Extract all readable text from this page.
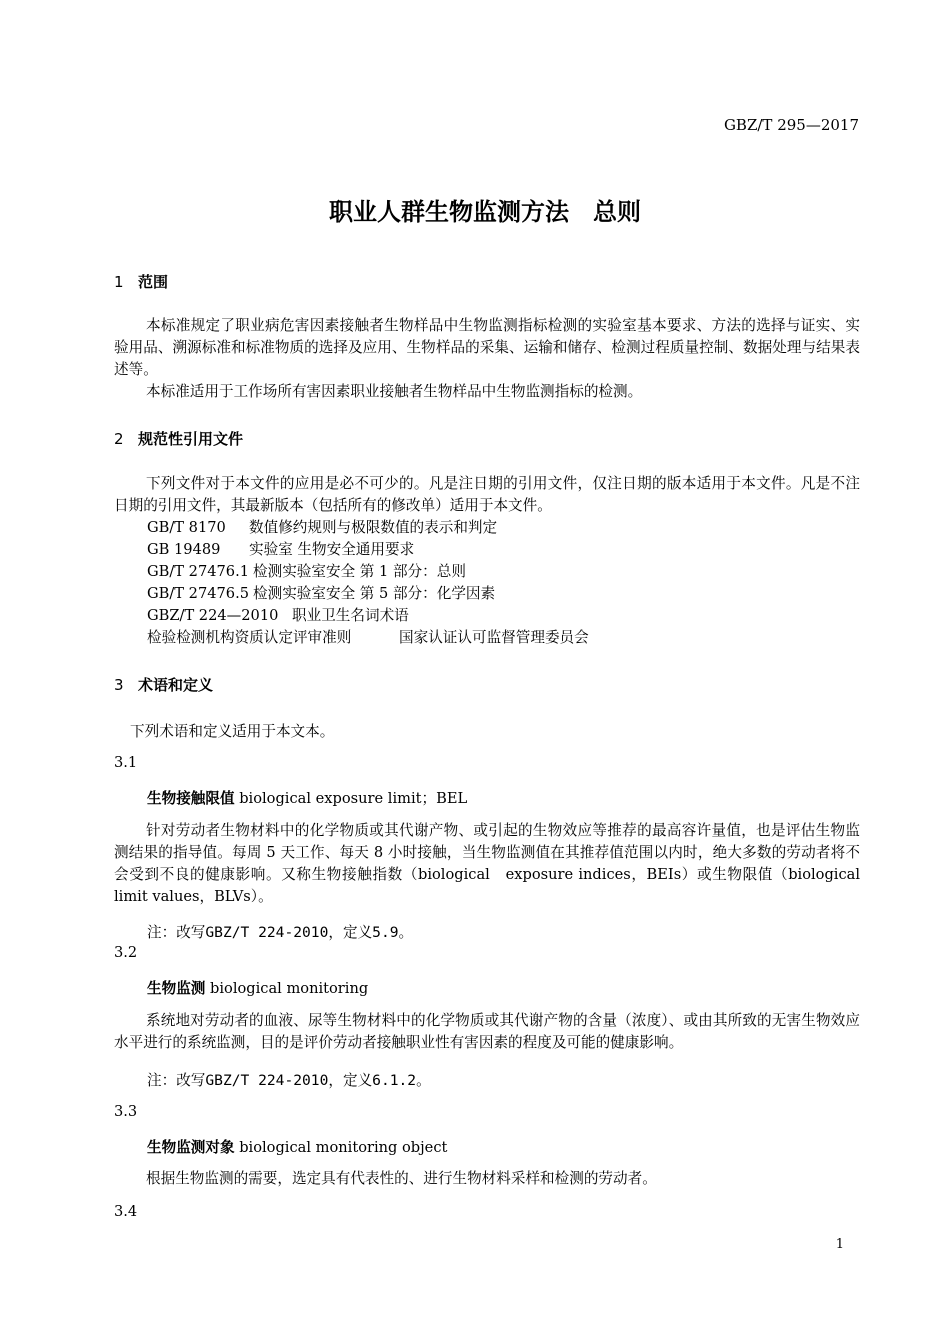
GBZ/T 295—2017
职业人群生物监测方法　总则
1 范围
本标准规定了职业病危害因素接触者生物样品中生物监测指标检测的实验室基本要求、方法的选择与证实、实验用品、溯源标准和标准物质的选择及应用、生物样品的采集、运输和储存、检测过程质量控制、数据处理与结果表述等。
本标准适用于工作场所有害因素职业接触者生物样品中生物监测指标的检测。
2 规范性引用文件
下列文件对于本文件的应用是必不可少的。凡是注日期的引用文件，仅注日期的版本适用于本文件。凡是不注日期的引用文件，其最新版本（包括所有的修改单）适用于本文件。
GB/T 8170 数值修约规则与极限数值的表示和判定
GB 19489 实验室 生物安全通用要求
GB/T 27476.1 检测实验室安全 第 1 部分：总则
GB/T 27476.5 检测实验室安全 第 5 部分：化学因素
GBZ/T 224—2010 职业卫生名词术语
检验检测机构资质认定评审准则	国家认证认可监督管理委员会
3 术语和定义
下列术语和定义适用于本文本。
3.1
生物接触限值 biological exposure limit；BEL
针对劳动者生物材料中的化学物质或其代谢产物、或引起的生物效应等推荐的最高容许量值，也是评估生物监测结果的指导值。每周 5 天工作、每天 8 小时接触，当生物监测值在其推荐值范围以内时，绝大多数的劳动者将不会受到不良的健康影响。又称生物接触指数（biological　exposure indices，BEIs）或生物限值（biological limit values，BLVs）。
注：改写GBZ/T 224-2010，定义5.9。
3.2
生物监测 biological monitoring
系统地对劳动者的血液、尿等生物材料中的化学物质或其代谢产物的含量（浓度）、或由其所致的无害生物效应水平进行的系统监测，目的是评价劳动者接触职业性有害因素的程度及可能的健康影响。
注：改写GBZ/T 224-2010，定义6.1.2。
3.3
生物监测对象 biological monitoring object
根据生物监测的需要，选定具有代表性的、进行生物材料采样和检测的劳动者。
3.4
1
